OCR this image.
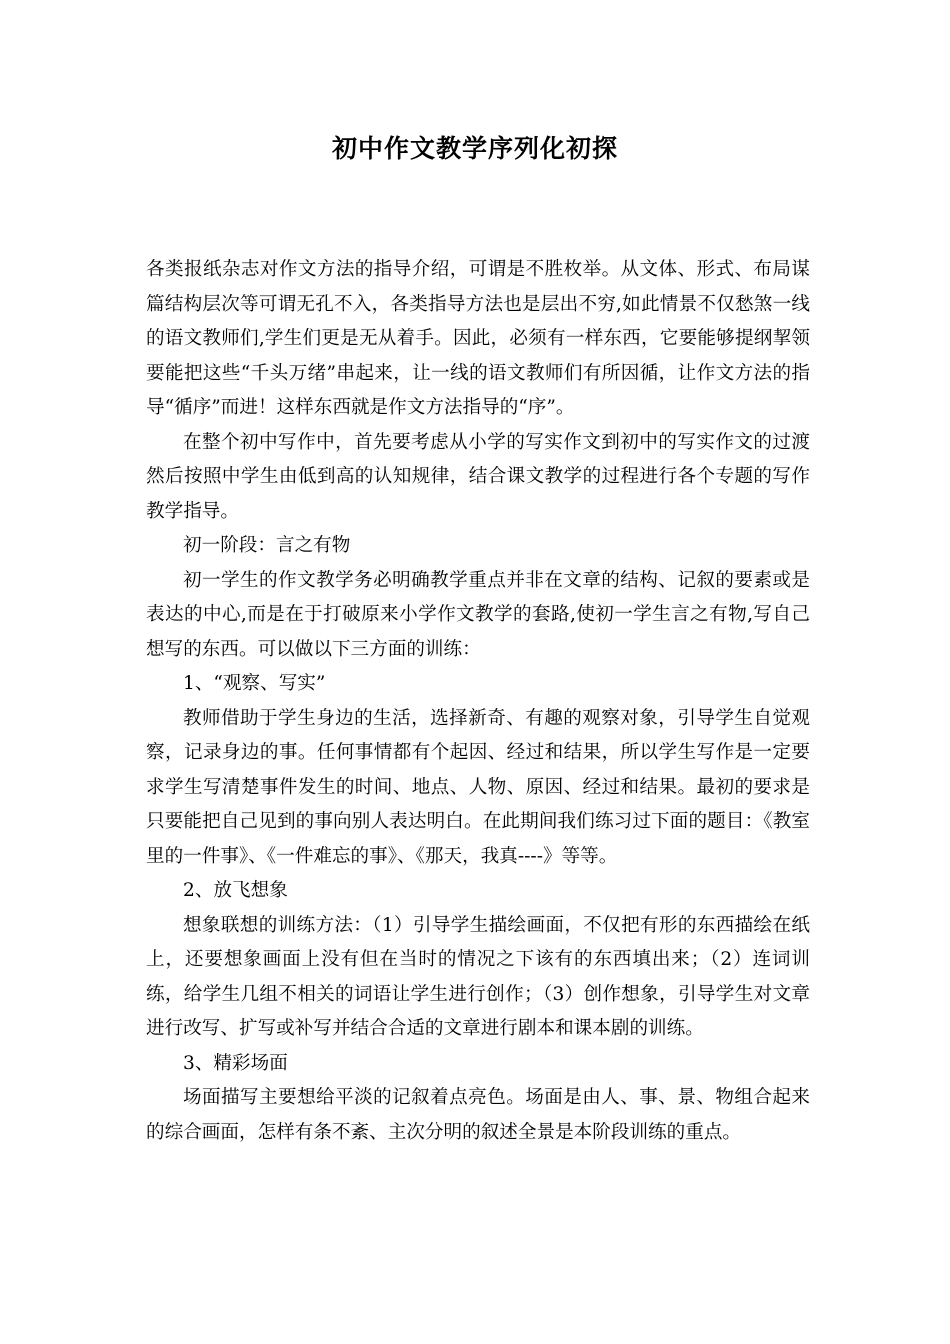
初中作文教学序列化初探

各类报纸杂志对作文方法的指导介绍，可谓是不胜枚举。从文体、形式、布局谋篇结构层次等可谓无孔不入，各类指导方法也是层出不穷,如此情景不仅愁煞一线的语文教师们,学生们更是无从着手。因此，必须有一样东西，它要能够提纲挈领要能把这些“千头万绪”串起来，让一线的语文教师们有所因循，让作文方法的指导“循序”而进！这样东西就是作文方法指导的“序”。

在整个初中写作中，首先要考虑从小学的写实作文到初中的写实作文的过渡然后按照中学生由低到高的认知规律，结合课文教学的过程进行各个专题的写作教学指导。

初一阶段：言之有物

初一学生的作文教学务必明确教学重点并非在文章的结构、记叙的要素或是表达的中心,而是在于打破原来小学作文教学的套路,使初一学生言之有物,写自己想写的东西。可以做以下三方面的训练：

1、“观察、写实”

教师借助于学生身边的生活，选择新奇、有趣的观察对象，引导学生自觉观察，记录身边的事。任何事情都有个起因、经过和结果，所以学生写作是一定要求学生写清楚事件发生的时间、地点、人物、原因、经过和结果。最初的要求是只要能把自己见到的事向别人表达明白。在此期间我们练习过下面的题目：《教室里的一件事》、《一件难忘的事》、《那天，我真----》等等。

2、放飞想象

想象联想的训练方法：（1）引导学生描绘画面，不仅把有形的东西描绘在纸上，还要想象画面上没有但在当时的情况之下该有的东西填出来；（2）连词训练，给学生几组不相关的词语让学生进行创作；（3）创作想象，引导学生对文章进行改写、扩写或补写并结合合适的文章进行剧本和课本剧的训练。

3、精彩场面

场面描写主要想给平淡的记叙着点亮色。场面是由人、事、景、物组合起来的综合画面，怎样有条不紊、主次分明的叙述全景是本阶段训练的重点。
